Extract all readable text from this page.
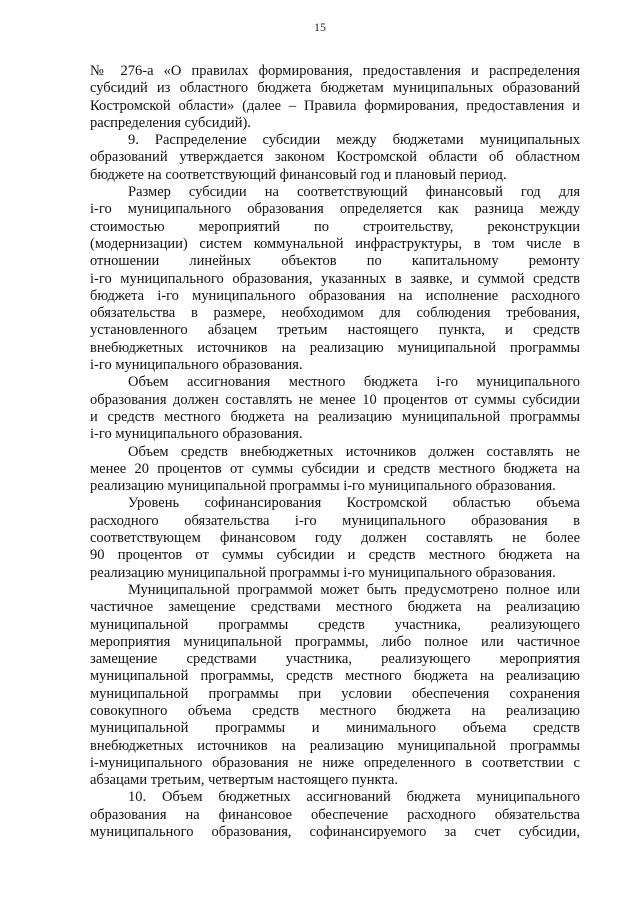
15
№ 276-а «О правилах формирования, предоставления и распределения
субсидий из областного бюджета бюджетам муниципальных образований
Костромской области» (далее – Правила формирования, предоставления и
распределения субсидий).
9. Распределение субсидии между бюджетами муниципальных
образований утверждается законом Костромской области об областном
бюджете на соответствующий финансовый год и плановый период.
Размер субсидии на соответствующий финансовый год для
i-го муниципального образования определяется как разница между
стоимостью мероприятий по строительству, реконструкции
(модернизации) систем коммунальной инфраструктуры, в том числе в
отношении линейных объектов по капитальному ремонту
i-го муниципального образования, указанных в заявке, и суммой средств
бюджета i-го муниципального образования на исполнение расходного
обязательства в размере, необходимом для соблюдения требования,
установленного абзацем третьим настоящего пункта, и средств
внебюджетных источников на реализацию муниципальной программы
i-го муниципального образования.
Объем ассигнования местного бюджета i-го муниципального
образования должен составлять не менее 10 процентов от суммы субсидии
и средств местного бюджета на реализацию муниципальной программы
i-го муниципального образования.
Объем средств внебюджетных источников должен составлять не
менее 20 процентов от суммы субсидии и средств местного бюджета на
реализацию муниципальной программы i-го муниципального образования.
Уровень софинансирования Костромской областью объема
расходного обязательства i-го муниципального образования в
соответствующем финансовом году должен составлять не более
90 процентов от суммы субсидии и средств местного бюджета на
реализацию муниципальной программы i-го муниципального образования.
Муниципальной программой может быть предусмотрено полное или
частичное замещение средствами местного бюджета на реализацию
муниципальной программы средств участника, реализующего
мероприятия муниципальной программы, либо полное или частичное
замещение средствами участника, реализующего мероприятия
муниципальной программы, средств местного бюджета на реализацию
муниципальной программы при условии обеспечения сохранения
совокупного объема средств местного бюджета на реализацию
муниципальной программы и минимального объема средств
внебюджетных источников на реализацию муниципальной программы
i-муниципального образования не ниже определенного в соответствии с
абзацами третьим, четвертым настоящего пункта.
10. Объем бюджетных ассигнований бюджета муниципального
образования на финансовое обеспечение расходного обязательства
муниципального образования, софинансируемого за счет субсидии,
